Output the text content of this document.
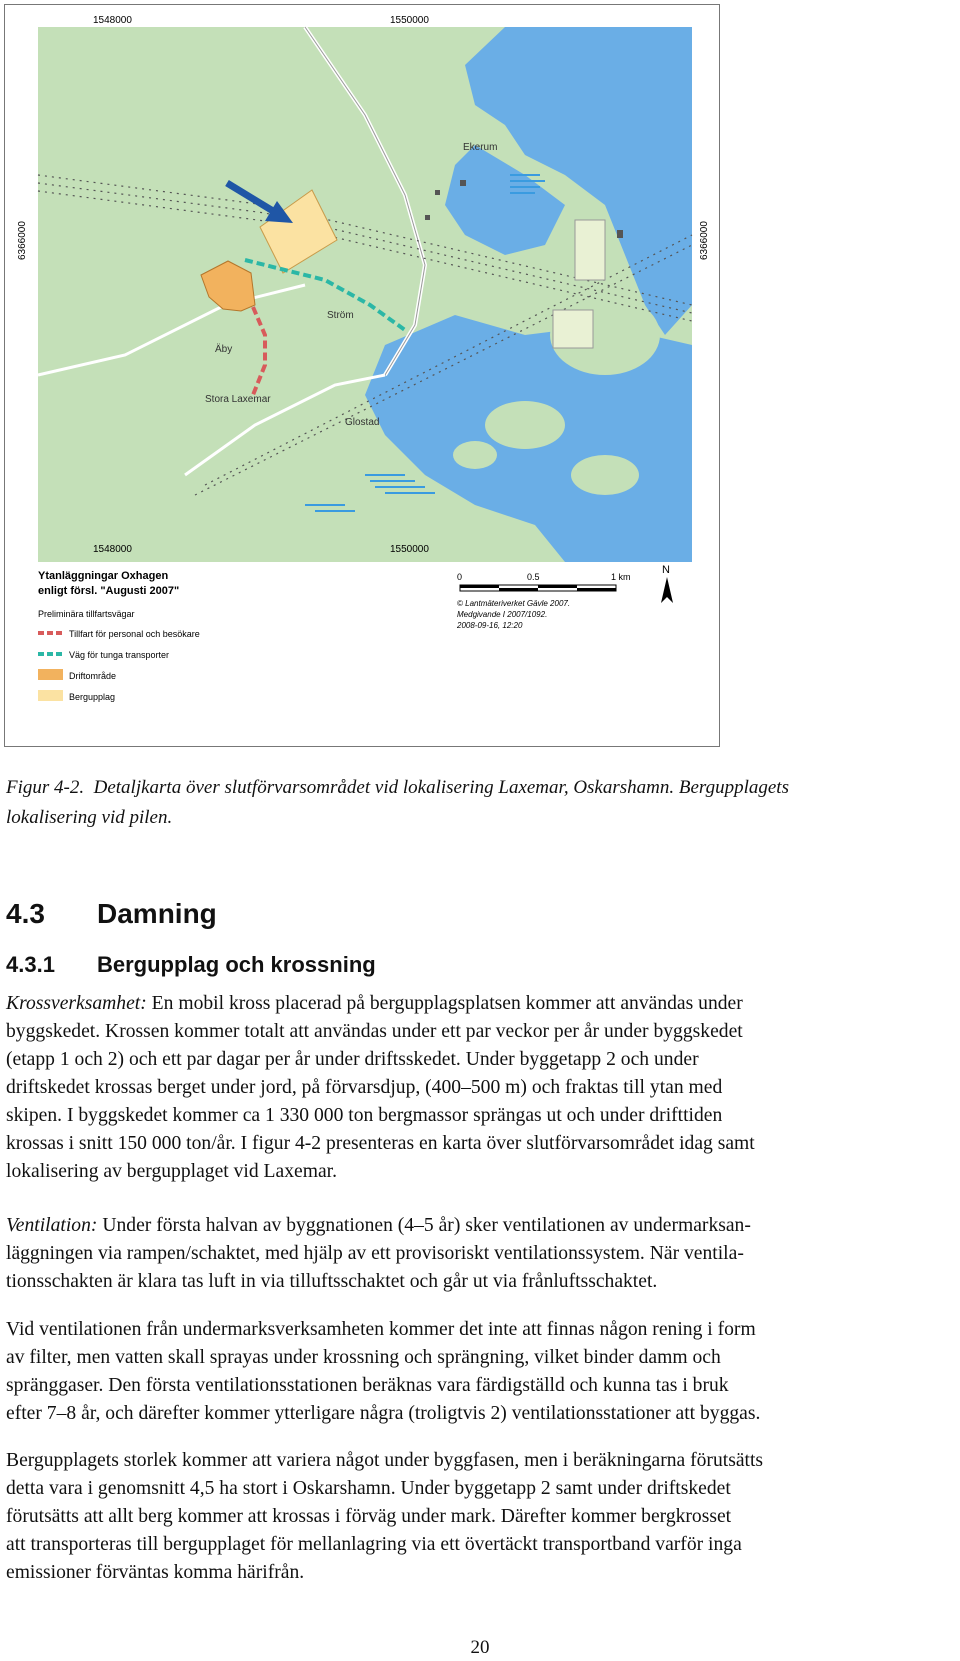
1548000	1550000
1548000	1550000
6366000	6366000
Ekerum
Ström
Äby
Stora Laxemar
Glostad
Ytanläggningar Oxhagen
enligt försl. "Augusti 2007"
Preliminära tillfartsvägar
Tillfart för personal och besökare
Väg för tunga transporter
Driftområde
Bergupplag
0	0.5	1 km
N
© Lantmäteriverket Gävle 2007.
Medgivande I 2007/1092.
2008-09-16, 12:20
Figur 4-2. Detaljkarta över slutförvarsområdet vid lokalisering Laxemar, Oskarshamn. Bergupplagets
lokalisering vid pilen.
4.3 Damning
4.3.1 Bergupplag och krossning
Krossverksamhet: En mobil kross placerad på bergupplagsplatsen kommer att användas under
byggskedet. Krossen kommer totalt att användas under ett par veckor per år under byggskedet
(etapp 1 och 2) och ett par dagar per år under driftsskedet. Under byggetapp 2 och under
driftskedet krossas berget under jord, på förvarsdjup, (400–500 m) och fraktas till ytan med
skipen. I byggskedet kommer ca 1 330 000 ton bergmassor sprängas ut och under drifttiden
krossas i snitt 150 000 ton/år. I figur 4-2 presenteras en karta över slutförvarsområdet idag samt
lokalisering av bergupplaget vid Laxemar.
Ventilation: Under första halvan av byggnationen (4–5 år) sker ventilationen av undermarksan-
läggningen via rampen/schaktet, med hjälp av ett provisoriskt ventilationssystem. När ventila-
tionsschakten är klara tas luft in via tilluftsschaktet och går ut via frånluftsschaktet.
Vid ventilationen från undermarksverksamheten kommer det inte att finnas någon rening i form
av filter, men vatten skall sprayas under krossning och sprängning, vilket binder damm och
spränggaser. Den första ventilationsstationen beräknas vara färdigställd och kunna tas i bruk
efter 7–8 år, och därefter kommer ytterligare några (troligtvis 2) ventilationsstationer att byggas.
Bergupplagets storlek kommer att variera något under byggfasen, men i beräkningarna förutsätts
detta vara i genomsnitt 4,5 ha stort i Oskarshamn. Under byggetapp 2 samt under driftskedet
förutsätts att allt berg kommer att krossas i förväg under mark. Därefter kommer bergkrosset
att transporteras till bergupplaget för mellanlagring via ett övertäckt transportband varför inga
emissioner förväntas komma härifrån.
20
